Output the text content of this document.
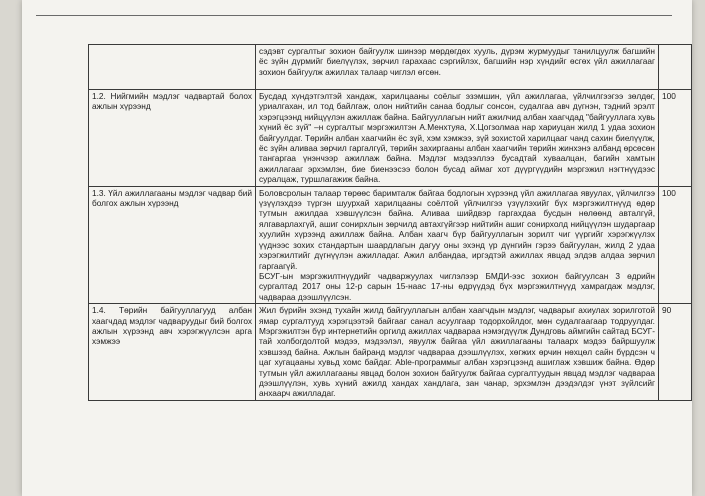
	сэдэвт сургалтыг зохион байгуулж шинээр мөрдөгдөх хууль, дүрэм журмуудыг танилцуулж багшийн ёс зүйн дүрмийг биелүүлэх, зөрчил гарахаас сэргийлэх, багшийн нэр хүндийг өсгөх үйл ажиллагааг зохион байгуулж ажиллах талаар чиглэл өгсөн.	
1.2. Нийгмийн мэдлэг чадвартай болох ажлын хүрээнд	Бусдад хүндэтгэлтэй хандаж, харилцааны соёлыг эзэмшин, үйл ажиллагаа, үйлчилгээгээ зөлдөг, уриалгахан, ил тод байлгаж, олон нийтийн санаа бодлыг сонсон, судалгаа авч дүгнэн, тэдний эрэлт хэрэгцээнд нийцүүлэн ажиллаж байна. Байгууллагын нийт ажилчид албан хаагчдад "байгууллага хувь хүний ёс зүй" –н сургалтыг мэргэжилтэн А.Менхтуяа, Х.Цогзолмаа нар хариуцан жилд 1 удаа зохион байгуулдаг. Төрийн албан хаагчийн ёс зүй, хэм хэмжээ, зүй зохистой харилцааг чанд сахин биелүүлж, ёс зүйн аливаа зөрчил гаргалгүй, төрийн захиргааны албан хаагчийн төрийн жинхэнэ албанд өрсөсөн тангаргаа үнэнчээр ажиллаж байна. Мэдлэг мэдээллээ бусадтай хуваалцан, багийн хамтын ажиллагааг эрхэмлэн, бие биенээсээ болон бусад аймаг хот дүүргүүдийн мэргэжил нэгтнүүдээс суралцаж, туршлагажиж байна.	100
1.3. Үйл ажиллагааны мэдлэг чадвар бий болгох ажлын хүрээнд	Боловсролын талаар төрөөс баримталж байгаа бодлогын хүрээнд үйл ажиллагаа явуулах, үйлчилгээ үзүүлэхдээ түргэн шуурхай харилцааны соёлтой үйлчилгээ үзүүлэхийг бүх мэргэжилтнүүд өдөр тутмын ажилдаа хэвшүүлсэн байна. Аливаа шийдвэр гаргахдаа бусдын нөлөөнд авталгүй, ялгаварлахгүй, ашиг сонирхлын зөрчилд автахгүйгээр нийтийн ашиг сонирхолд нийцүүлэн шударгаар хуулийн хүрээнд ажиллаж байна. Албан хаагч бүр байгууллагын зорилт чиг үүргийг хэрэгжүүлэх үүднээс зохих стандартын шаардлагын дагуу оны эхэнд үр дүнгийн гэрээ байгуулан, жилд 2 удаа хэрэгжилтийг дүгнүүлэн ажилладаг. Ажил албандаа, иргэдтэй ажиллах явцад элдэв алдаа зөрчил гаргаагүй.
БСУГ-ын мэргэжилтнүүдийг чадваржуулах чиглэлээр БМДИ-ээс зохион байгуулсан 3 өдрийн сургалтад 2017 оны 12-р сарын 15-наас 17-ны өдрүүдэд бүх мэргэжилтнүүд хамрагдаж мэдлэг, чадвараа дээшлүүлсэн.	100
1.4. Төрийн байгууллагууд албан хаагчдад мэдлэг чадваруудыг бий болгох ажлын хүрээнд авч хэрэгжүүлсэн арга хэмжээ	Жил бүрийн эхэнд тухайн жилд байгууллагын албан хаагчдын мэдлэг, чадварыг ахиулах зорилготой ямар сургалтууд хэрэгцээтэй байгааг санал асуулгаар тодорхойлдог, мөн судалгаагаар тодруулдаг. Мэргэжилтэн бүр интернетийн оргилд ажиллах чадвараа нэмэгдүүлж Дундговь аймгийн сайтад БСУГ-тай холбогдолтой мэдээ, мэдээлэл, явуулж байгаа үйл ажиллагааны талаарх мэдээ байршуулж хэвшээд байна. Ажлын байранд мэдлэг чадвараа дээшлүүлэх, хөгжих өрчин нөхцөл сайн бүрдсэн ч цаг хугацааны хувьд хомс байдаг. Able-программыг албан хэрэгцээнд ашиглаж хэвшиж байна. Өдөр тутмын үйл ажиллагааны явцад болон зохион байгуулж байгаа сургалтуудын явцад мэдлэг чадвараа дээшлүүлэн, хувь хүний ажилд хандах хандлага, зан чанар, эрхэмлэн дээдэлдэг үнэт зүйлсийг анхаарч ажилладаг.	90
